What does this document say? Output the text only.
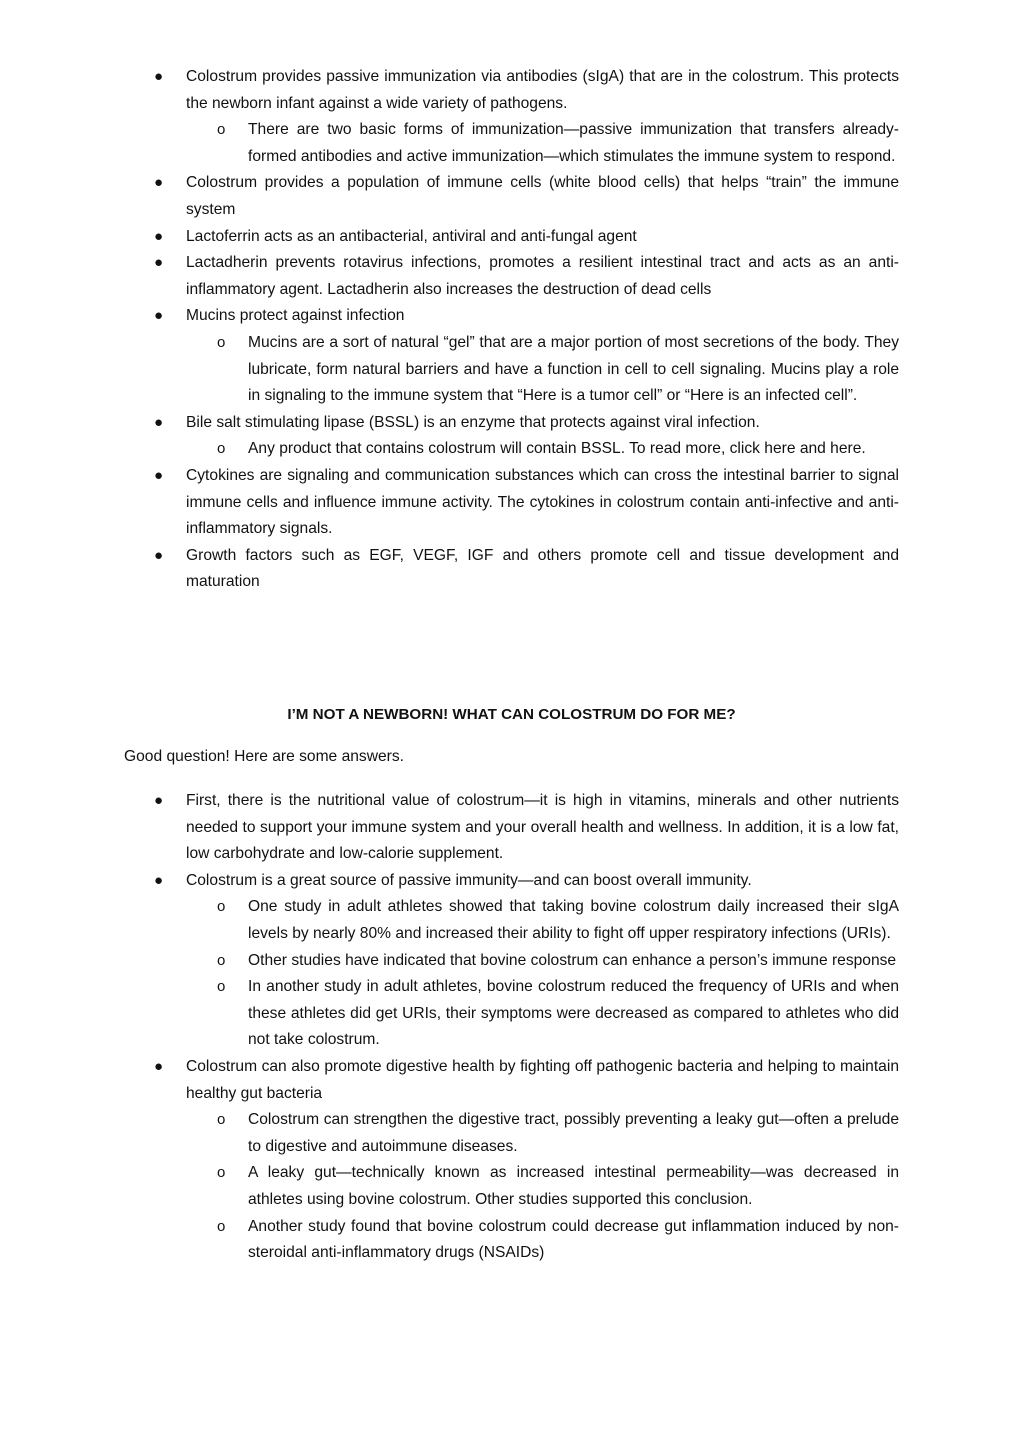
● Colostrum provides passive immunization via antibodies (sIgA) that are in the colostrum. This protects the newborn infant against a wide variety of pathogens.
o There are two basic forms of immunization—passive immunization that transfers already-formed antibodies and active immunization—which stimulates the immune system to respond.
● Colostrum provides a population of immune cells (white blood cells) that helps “train” the immune system
● Lactoferrin acts as an antibacterial, antiviral and anti-fungal agent
● Lactadherin prevents rotavirus infections, promotes a resilient intestinal tract and acts as an anti-inflammatory agent. Lactadherin also increases the destruction of dead cells
● Mucins protect against infection
o Mucins are a sort of natural “gel” that are a major portion of most secretions of the body. They lubricate, form natural barriers and have a function in cell to cell signaling. Mucins play a role in signaling to the immune system that “Here is a tumor cell” or “Here is an infected cell”.
● Bile salt stimulating lipase (BSSL) is an enzyme that protects against viral infection.
o Any product that contains colostrum will contain BSSL. To read more, click here and here.
● Cytokines are signaling and communication substances which can cross the intestinal barrier to signal immune cells and influence immune activity. The cytokines in colostrum contain anti-infective and anti-inflammatory signals.
● Growth factors such as EGF, VEGF, IGF and others promote cell and tissue development and maturation
I’M NOT A NEWBORN! WHAT CAN COLOSTRUM DO FOR ME?
Good question! Here are some answers.
● First, there is the nutritional value of colostrum—it is high in vitamins, minerals and other nutrients needed to support your immune system and your overall health and wellness. In addition, it is a low fat, low carbohydrate and low-calorie supplement.
● Colostrum is a great source of passive immunity—and can boost overall immunity.
o One study in adult athletes showed that taking bovine colostrum daily increased their sIgA levels by nearly 80% and increased their ability to fight off upper respiratory infections (URIs).
o Other studies have indicated that bovine colostrum can enhance a person’s immune response
o In another study in adult athletes, bovine colostrum reduced the frequency of URIs and when these athletes did get URIs, their symptoms were decreased as compared to athletes who did not take colostrum.
● Colostrum can also promote digestive health by fighting off pathogenic bacteria and helping to maintain healthy gut bacteria
o Colostrum can strengthen the digestive tract, possibly preventing a leaky gut—often a prelude to digestive and autoimmune diseases.
o A leaky gut—technically known as increased intestinal permeability—was decreased in athletes using bovine colostrum. Other studies supported this conclusion.
o Another study found that bovine colostrum could decrease gut inflammation induced by non-steroidal anti-inflammatory drugs (NSAIDs)
